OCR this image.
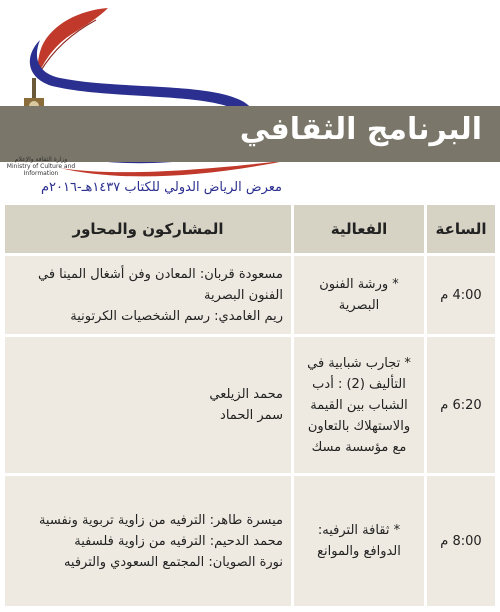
البرنامج الثقافي
وزارة الثقافة والإعلام
Ministry of Culture and Information
معرض الرياض الدولي للكتاب ١٤٣٧هـ-٢٠١٦م
الساعة	الفعالية	المشاركون والمحاور
4:00 م	* ورشة الفنون البصرية	مسعودة قربان: المعادن وفن أشغال المينا في الفنون البصرية
ريم الغامدي: رسم الشخصيات الكرتونية

6:20 م	* تجارب شبابية في التأليف (2) : أدب الشباب بين القيمة والاستهلاك بالتعاون مع مؤسسة مسك	محمد الزيلعي
سمر الحماد

8:00 م	* ثقافة الترفيه: الدوافع والموانع	ميسرة طاهر: الترفيه من زاوية تربوية ونفسية
محمد الدحيم: الترفيه من زاوية فلسفية
نورة الصويان: المجتمع السعودي والترفيه
